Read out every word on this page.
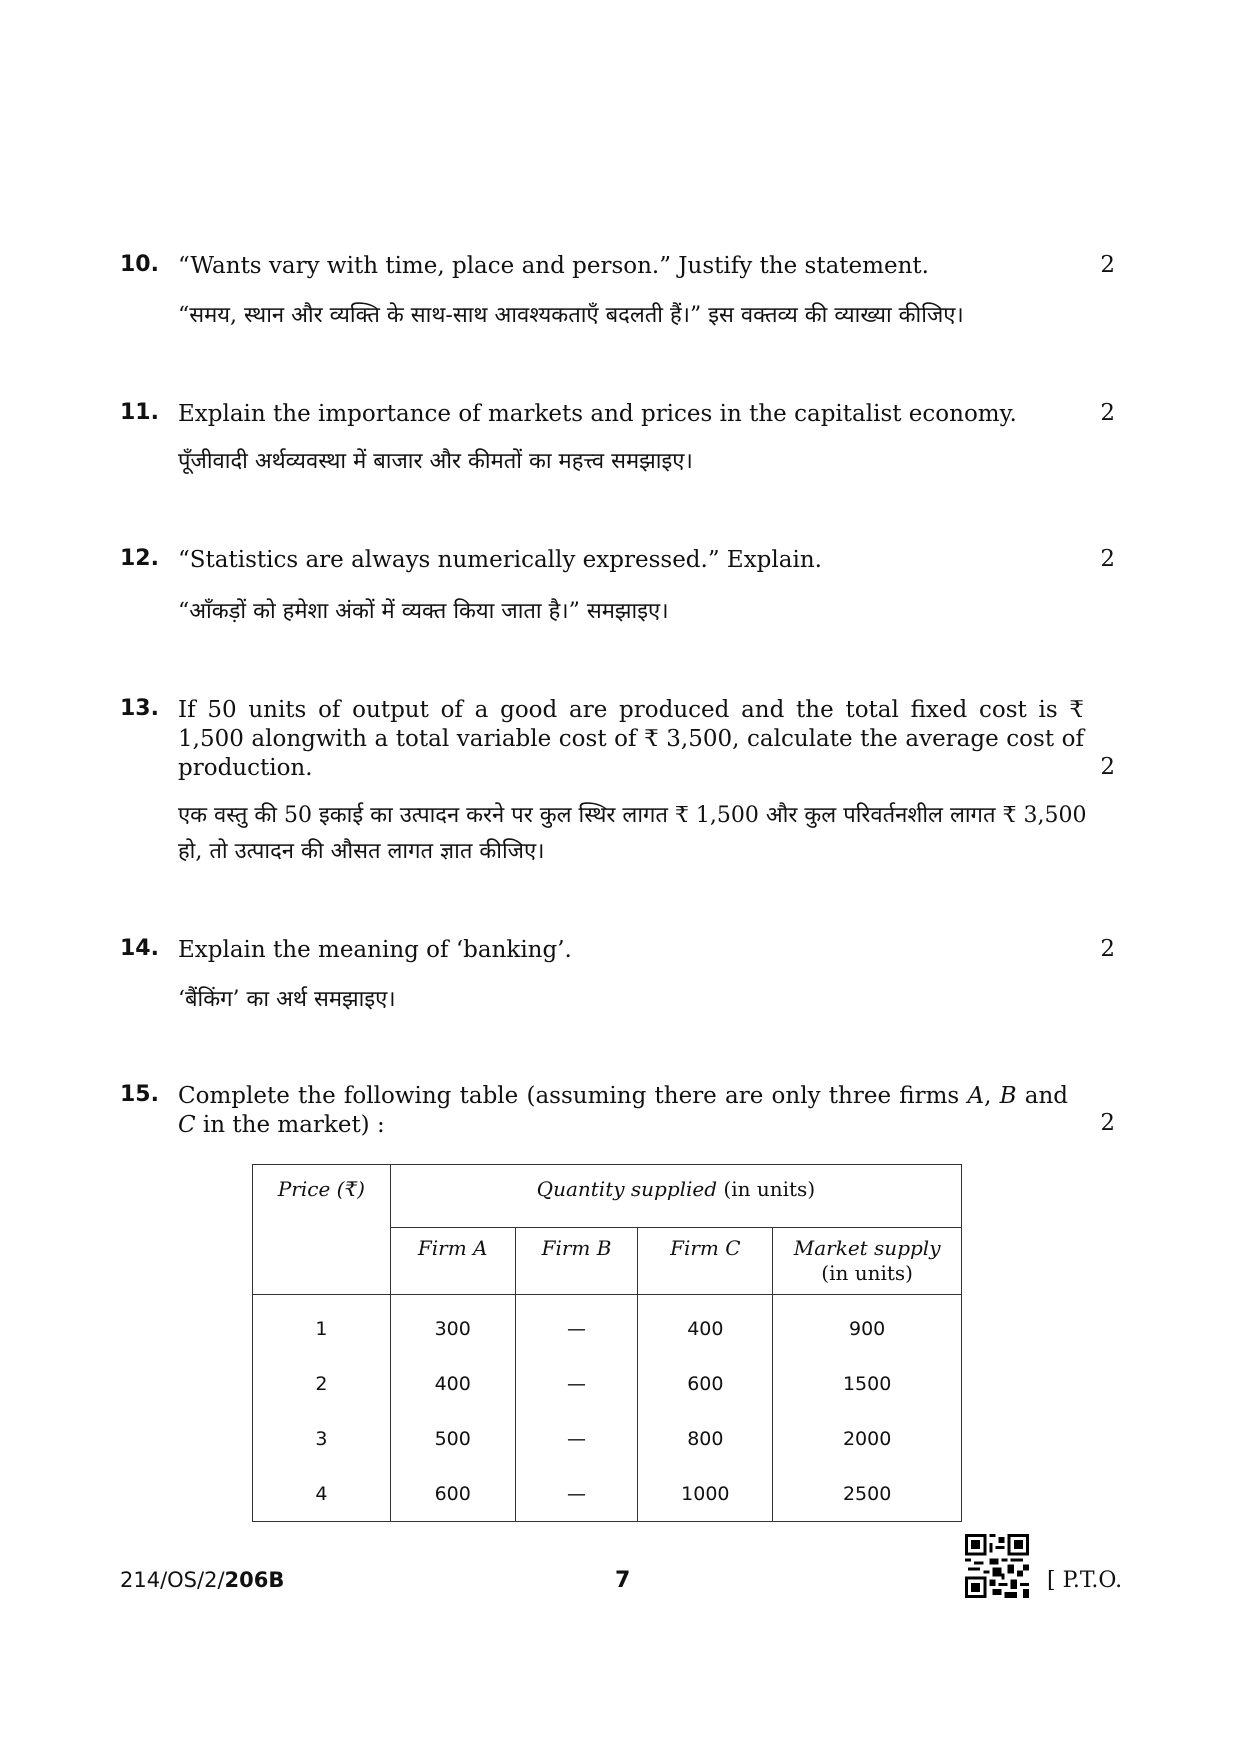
10. “Wants vary with time, place and person.” Justify the statement.	2
“समय, स्थान और व्यक्ति के साथ-साथ आवश्यकताएँ बदलती हैं।” इस वक्तव्य की व्याख्या कीजिए।
11. Explain the importance of markets and prices in the capitalist economy.	2
पूँजीवादी अर्थव्यवस्था में बाजार और कीमतों का महत्त्व समझाइए।
12. “Statistics are always numerically expressed.” Explain.	2
“आँकड़ों को हमेशा अंकों में व्यक्त किया जाता है।” समझाइए।
13. If 50 units of output of a good are produced and the total fixed cost is ₹ 1,500 alongwith a total variable cost of ₹ 3,500, calculate the average cost of production.	2
एक वस्तु की 50 इकाई का उत्पादन करने पर कुल स्थिर लागत ₹ 1,500 और कुल परिवर्तनशील लागत ₹ 3,500 हो, तो उत्पादन की औसत लागत ज्ञात कीजिए।
14. Explain the meaning of ‘banking’.	2
‘बैंकिंग’ का अर्थ समझाइए।
15. Complete the following table (assuming there are only three firms A, B and C in the market) :	2
Price (₹)	Quantity supplied (in units)			
	Firm A	Firm B	Firm C	Market supply
(in units)
1	300	—	400	900
2	400	—	600	1500
3	500	—	800	2000
4	600	—	1000	2500
214/OS/2/206B	7	[ P.T.O.
